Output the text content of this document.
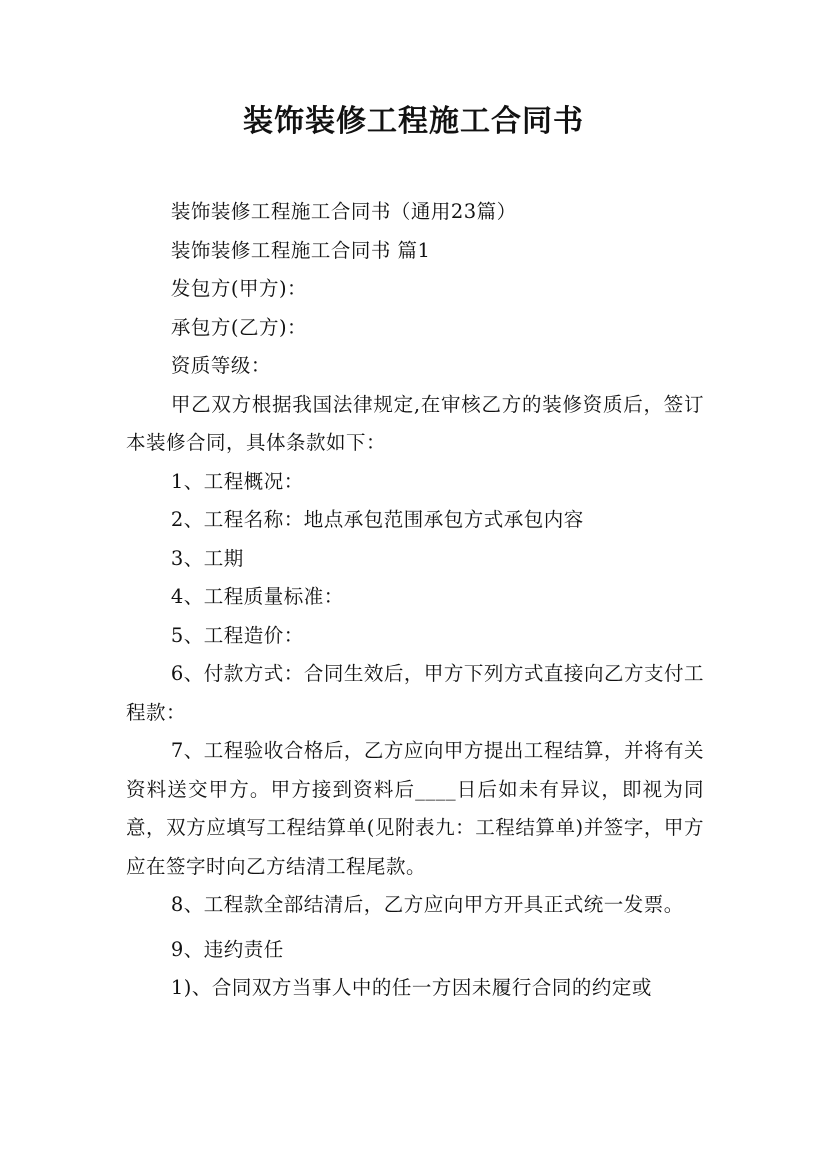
装饰装修工程施工合同书

装饰装修工程施工合同书（通用23篇）

装饰装修工程施工合同书 篇1

发包方(甲方)：

承包方(乙方)：

资质等级：

甲乙双方根据我国法律规定,在审核乙方的装修资质后，签订本装修合同，具体条款如下：

1、工程概况：

2、工程名称：地点承包范围承包方式承包内容

3、工期

4、工程质量标准：

5、工程造价：

6、付款方式：合同生效后，甲方下列方式直接向乙方支付工程款：

7、工程验收合格后，乙方应向甲方提出工程结算，并将有关资料送交甲方。甲方接到资料后____日后如未有异议，即视为同意，双方应填写工程结算单(见附表九：工程结算单)并签字，甲方应在签字时向乙方结清工程尾款。

8、工程款全部结清后，乙方应向甲方开具正式统一发票。

9、违约责任

1)、合同双方当事人中的任一方因未履行合同的约定或
